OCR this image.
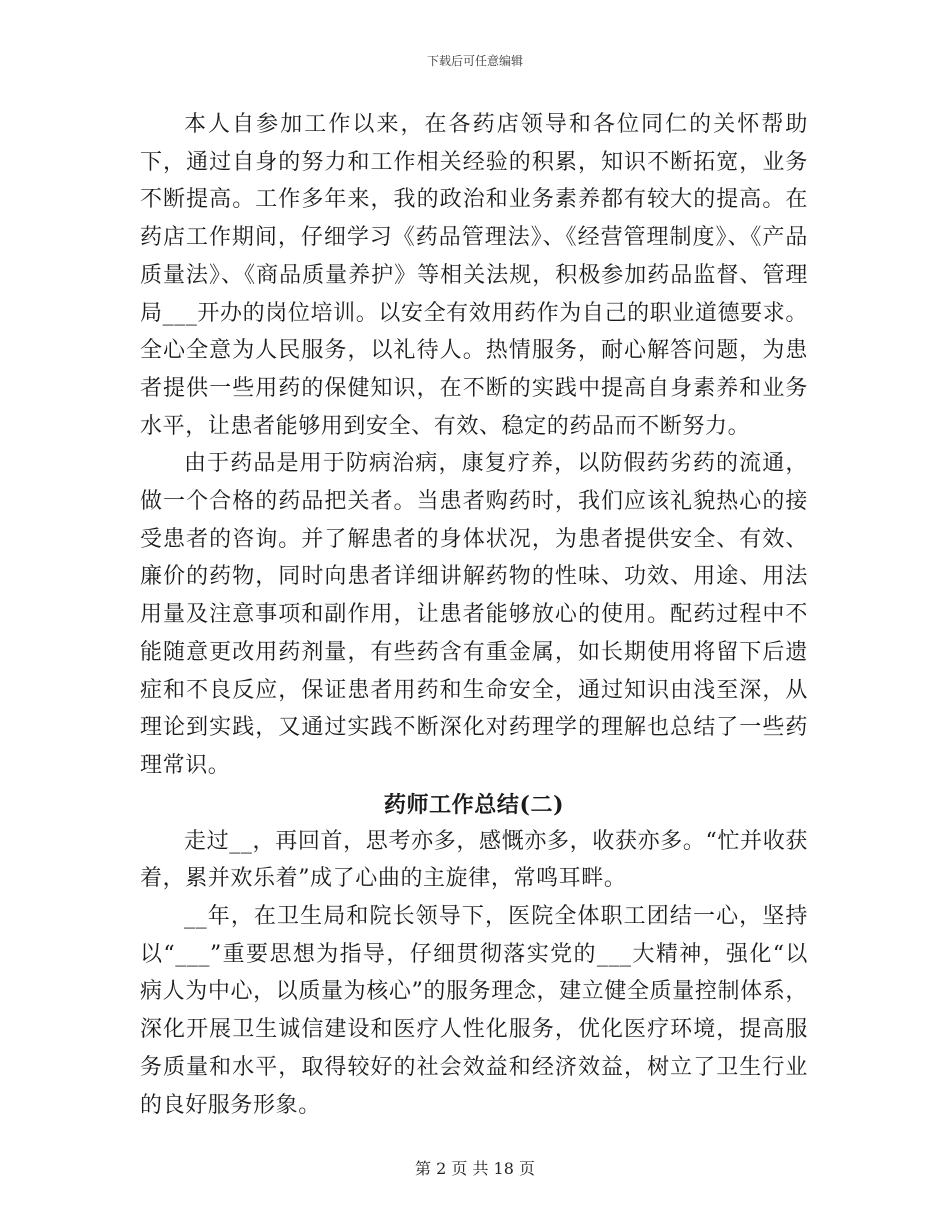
下载后可任意编辑

本人自参加工作以来，在各药店领导和各位同仁的关怀帮助下，通过自身的努力和工作相关经验的积累，知识不断拓宽，业务不断提高。工作多年来，我的政治和业务素养都有较大的提高。在药店工作期间，仔细学习《药品管理法》、《经营管理制度》、《产品质量法》、《商品质量养护》等相关法规，积极参加药品监督、管理局___开办的岗位培训。以安全有效用药作为自己的职业道德要求。全心全意为人民服务，以礼待人。热情服务，耐心解答问题，为患者提供一些用药的保健知识，在不断的实践中提高自身素养和业务水平，让患者能够用到安全、有效、稳定的药品而不断努力。

由于药品是用于防病治病，康复疗养，以防假药劣药的流通，做一个合格的药品把关者。当患者购药时，我们应该礼貌热心的接受患者的咨询。并了解患者的身体状况，为患者提供安全、有效、廉价的药物，同时向患者详细讲解药物的性味、功效、用途、用法用量及注意事项和副作用，让患者能够放心的使用。配药过程中不能随意更改用药剂量，有些药含有重金属，如长期使用将留下后遗症和不良反应，保证患者用药和生命安全，通过知识由浅至深，从理论到实践，又通过实践不断深化对药理学的理解也总结了一些药理常识。

药师工作总结(二)

走过__，再回首，思考亦多，感慨亦多，收获亦多。“忙并收获着，累并欢乐着”成了心曲的主旋律，常鸣耳畔。

__年，在卫生局和院长领导下，医院全体职工团结一心，坚持以“___”重要思想为指导，仔细贯彻落实党的___大精神，强化“以病人为中心，以质量为核心”的服务理念，建立健全质量控制体系，深化开展卫生诚信建设和医疗人性化服务，优化医疗环境，提高服务质量和水平，取得较好的社会效益和经济效益，树立了卫生行业的良好服务形象。

第 2 页 共 18 页
